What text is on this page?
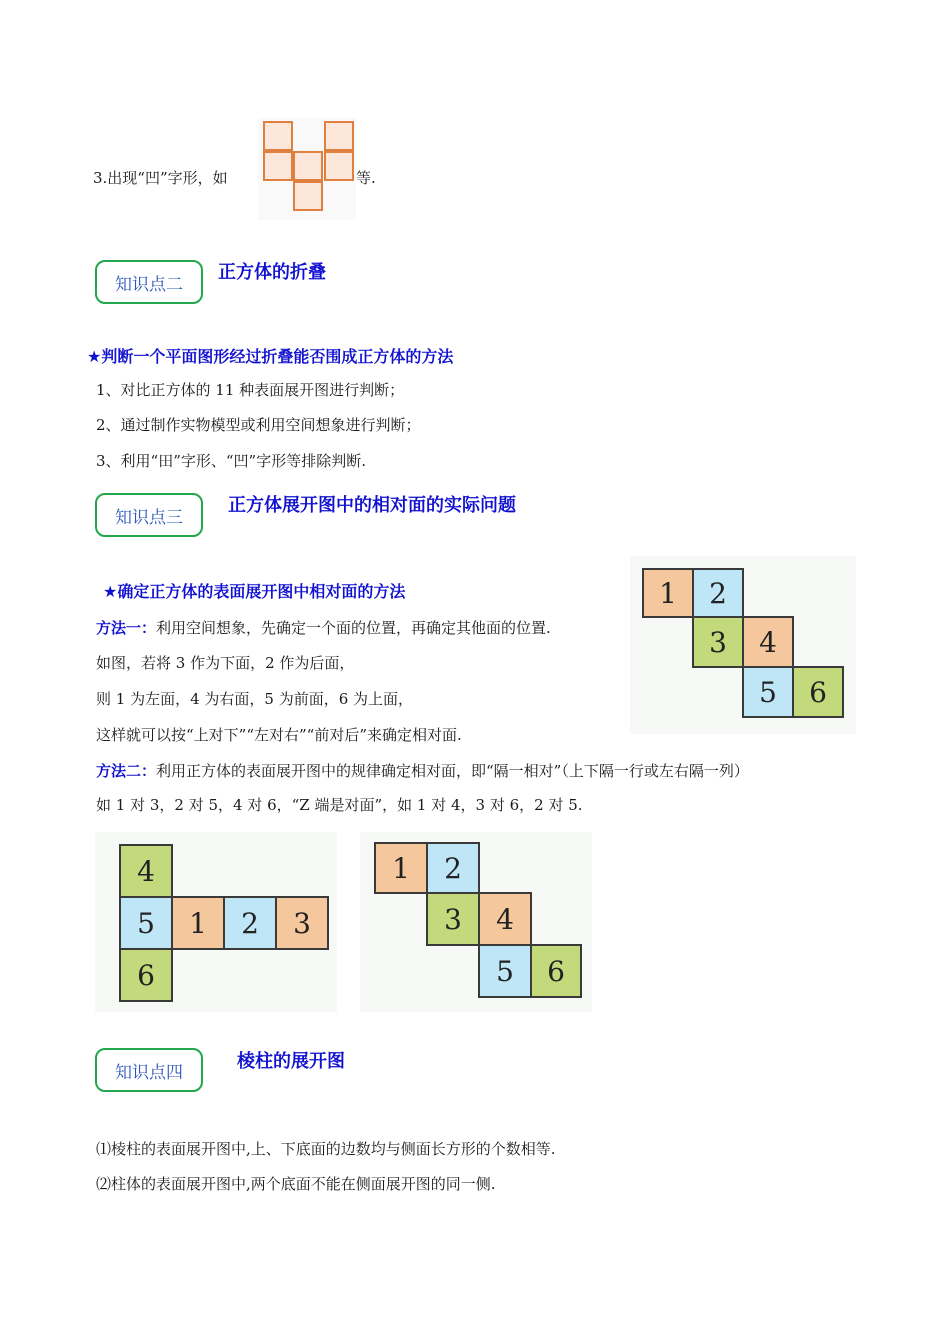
3.出现“凹”字形，如	等.
知识点二
正方体的折叠
★判断一个平面图形经过折叠能否围成正方体的方法
1、对比正方体的 11 种表面展开图进行判断；
2、通过制作实物模型或利用空间想象进行判断；
3、利用“田”字形、“凹”字形等排除判断.
知识点三
正方体展开图中的相对面的实际问题
★确定正方体的表面展开图中相对面的方法
方法一：利用空间想象，先确定一个面的位置，再确定其他面的位置.
如图，若将 3 作为下面，2 作为后面，
则 1 为左面，4 为右面，5 为前面，6 为上面，
这样就可以按“上对下”“左对右”“前对后”来确定相对面.
方法二：利用正方体的表面展开图中的规律确定相对面，即“隔一相对”（上下隔一行或左右隔一列）
如 1 对 3，2 对 5，4 对 6，“Z 端是对面”，如 1 对 4，3 对 6，2 对 5.
1	2
3	4
5	6
4
5	1	2	3
6
1	2
3	4
5	6
知识点四
棱柱的展开图
⑴棱柱的表面展开图中,上、下底面的边数均与侧面长方形的个数相等.
⑵柱体的表面展开图中,两个底面不能在侧面展开图的同一侧.
